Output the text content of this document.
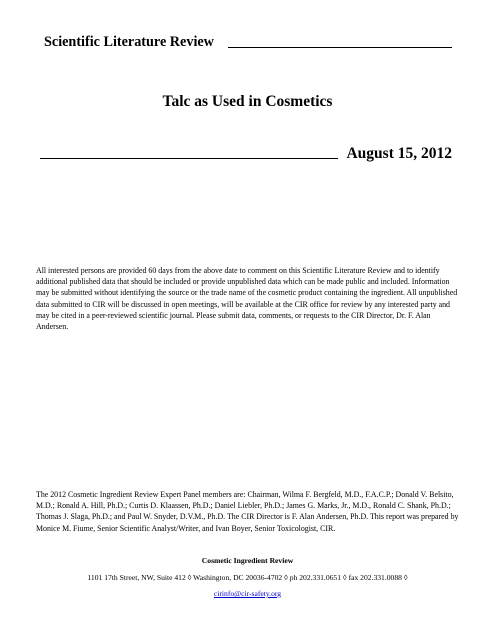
Scientific Literature Review
Talc as Used in Cosmetics
August 15, 2012

All interested persons are provided 60 days from the above date to comment on this Scientific Literature Review and to identify additional published data that should be included or provide unpublished data which can be made public and included. Information may be submitted without identifying the source or the trade name of the cosmetic product containing the ingredient. All unpublished data submitted to CIR will be discussed in open meetings, will be available at the CIR office for review by any interested party and may be cited in a peer-reviewed scientific journal. Please submit data, comments, or requests to the CIR Director, Dr. F. Alan Andersen.

The 2012 Cosmetic Ingredient Review Expert Panel members are: Chairman, Wilma F. Bergfeld, M.D., F.A.C.P.; Donald V. Belsito, M.D.; Ronald A. Hill, Ph.D.; Curtis D. Klaassen, Ph.D.; Daniel Liebler, Ph.D.; James G. Marks, Jr., M.D., Ronald C. Shank, Ph.D.; Thomas J. Slaga, Ph.D.; and Paul W. Snyder, D.V.M., Ph.D. The CIR Director is F. Alan Andersen, Ph.D. This report was prepared by Monice M. Fiume, Senior Scientific Analyst/Writer, and Ivan Boyer, Senior Toxicologist, CIR.

Cosmetic Ingredient Review
1101 17th Street, NW, Suite 412 ◊ Washington, DC 20036-4702 ◊ ph 202.331.0651 ◊ fax 202.331.0088 ◊
cirinfo@cir-safety.org
